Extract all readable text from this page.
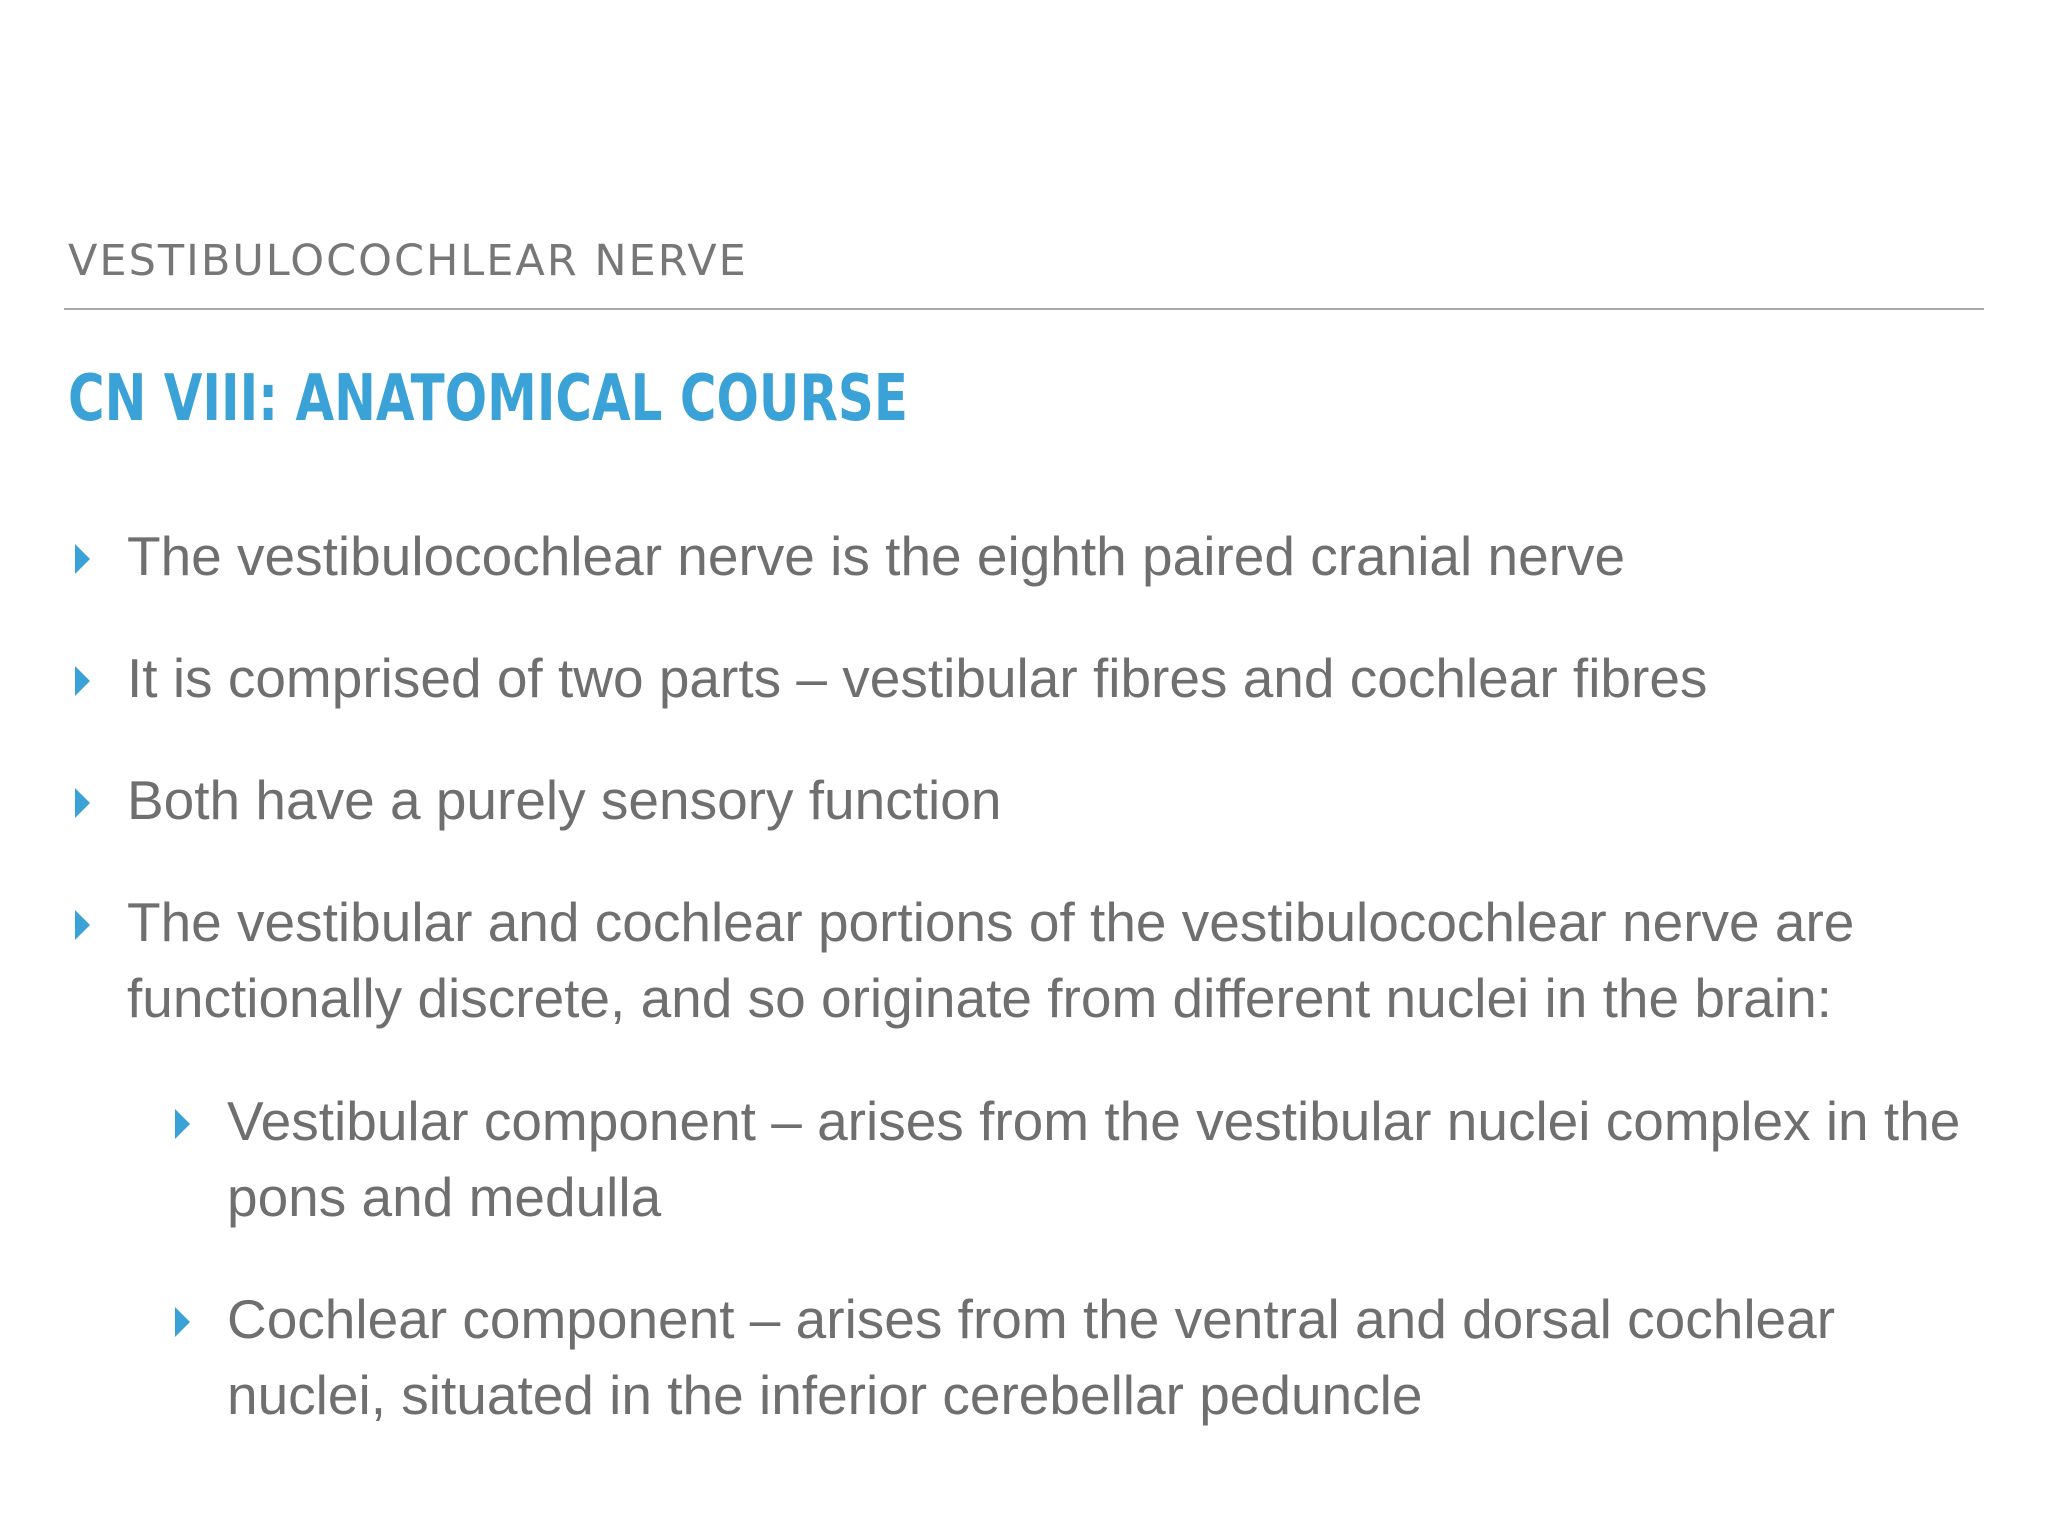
VESTIBULOCOCHLEAR NERVE
CN VIII: ANATOMICAL COURSE
The vestibulocochlear nerve is the eighth paired cranial nerve
It is comprised of two parts – vestibular fibres and cochlear fibres
Both have a purely sensory function
The vestibular and cochlear portions of the vestibulocochlear nerve are functionally discrete, and so originate from different nuclei in the brain:
Vestibular component – arises from the vestibular nuclei complex in the pons and medulla
Cochlear component – arises from the ventral and dorsal cochlear nuclei, situated in the inferior cerebellar peduncle
